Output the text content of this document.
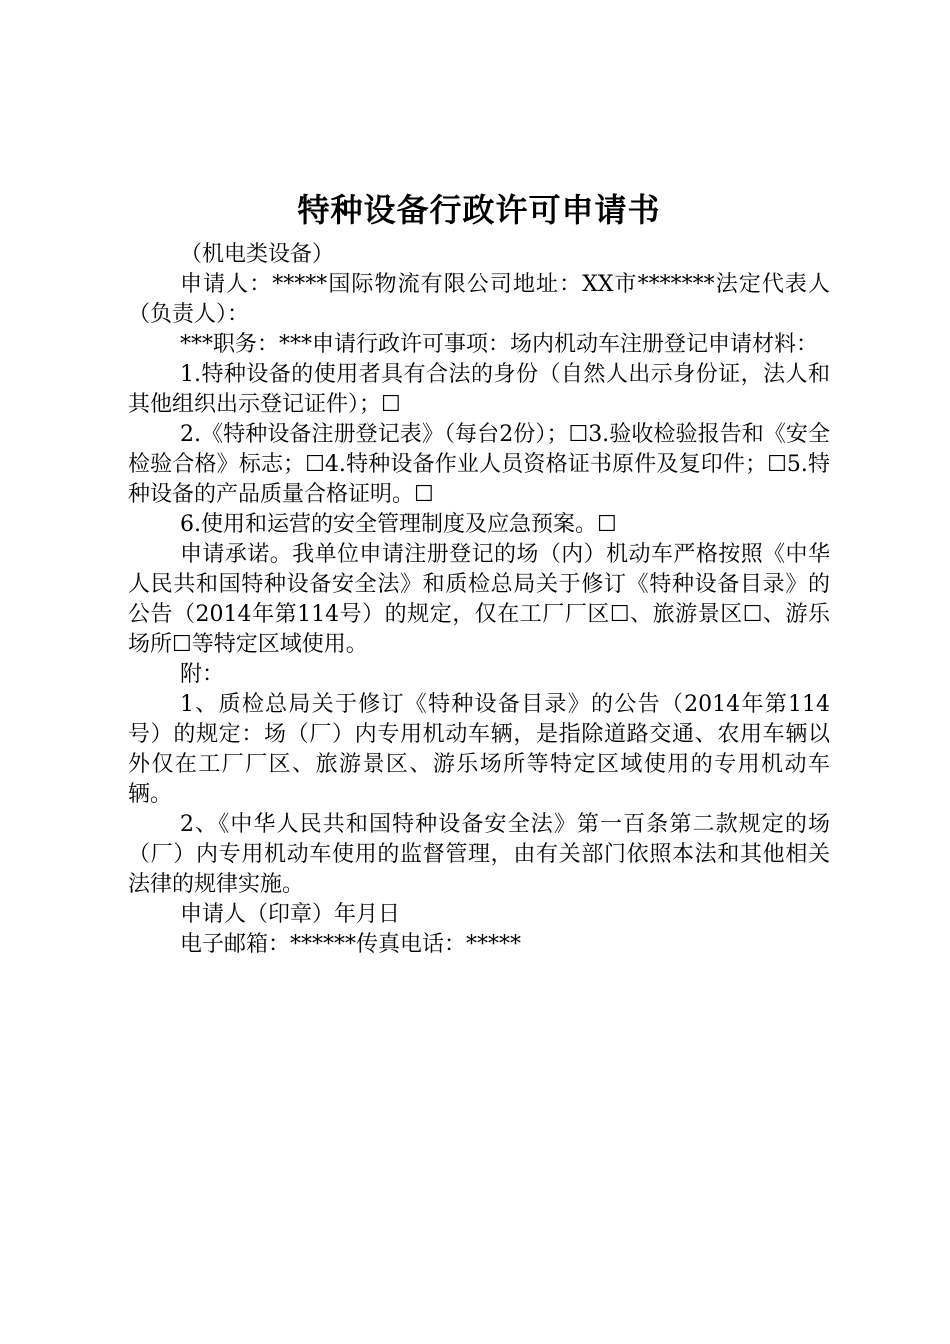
特种设备行政许可申请书

（机电类设备）

申请人：*****国际物流有限公司地址：XX市*******法定代表人（负责人）：

***职务：***申请行政许可事项：场内机动车注册登记申请材料：

1.特种设备的使用者具有合法的身份（自然人出示身份证，法人和其他组织出示登记证件）；☐

2.《特种设备注册登记表》（每台2份）；☐3.验收检验报告和《安全检验合格》标志；☐4.特种设备作业人员资格证书原件及复印件；☐5.特种设备的产品质量合格证明。☐

6.使用和运营的安全管理制度及应急预案。☐

申请承诺。我单位申请注册登记的场（内）机动车严格按照《中华人民共和国特种设备安全法》和质检总局关于修订《特种设备目录》的公告（2014年第114号）的规定，仅在工厂厂区☐、旅游景区☐、游乐场所☐等特定区域使用。

附：

1、质检总局关于修订《特种设备目录》的公告（2014年第114号）的规定：场（厂）内专用机动车辆，是指除道路交通、农用车辆以外仅在工厂厂区、旅游景区、游乐场所等特定区域使用的专用机动车辆。

2、《中华人民共和国特种设备安全法》第一百条第二款规定的场（厂）内专用机动车使用的监督管理，由有关部门依照本法和其他相关法律的规律实施。

申请人（印章）年月日

电子邮箱：******传真电话：*****
